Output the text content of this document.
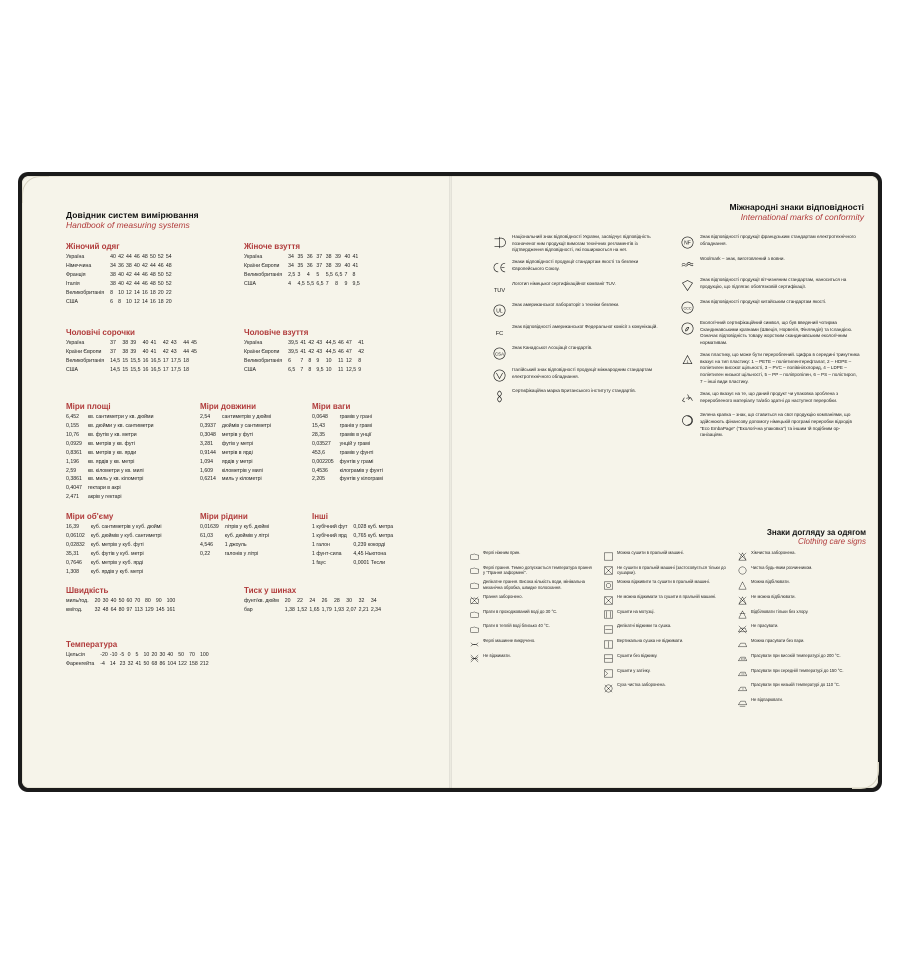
Довідник систем вимірювання
Handbook of measuring systems
Жіночий одяг
Україна	40	42	44	46	48	50	52	54
Німеччина	34	36	38	40	42	44	46	48
Франція	38	40	42	44	46	48	50	52
Італія	38	40	42	44	46	48	50	52
Великобританія	8	10	12	14	16	18	20	22
США	6	8	10	12	14	16	18	20
Жіноче взуття
Україна	34	35	36	37	38	39	40	41
Країни Європи	34	35	36	37	38	39	40	41
Великобританія	2,5	3	4	5	5,5	6,5	7	8
США	4	4,5	5,5	6,5	7	8	9	9,5
Чоловічі сорочки
Україна	37	38	39	40	41	42	43	44	45
Країни Європи	37	38	39	40	41	42	43	44	45
Великобританія	14,5	15	15,5	16	16,5	17	17,5	18	
США	14,5	15	15,5	16	16,5	17	17,5	18	
Чоловіче взуття
Україна	39,5	41	42	43	44,5	46	47	41
Країни Європи	39,5	41	42	43	44,5	46	47	42
Великобританія	6	7	8	9	10	11	12	8
США	6,5	7	8	9,5	10	11	12,5	9
Міри площі
6,452	кв. сантиметри у кв. дюйми
0,155	кв. дюйми у кв. сантиметри
10,76	кв. футів у кв. метри
0,0929	кв. метрів у кв. футі
0,8361	кв. метрів у кв. ярди
1,196	кв. ярдів у кв. метрі
2,59	кв. кілометри у кв. милі
0,3861	кв. миль у кв. кілометрі
0,4047	гектари в акрі
2,471	акрів у гектарі
Міри довжини
2,54	сантиметрів у дюймі
0,3937	дюймів у сантиметрі
0,3048	метрів у футі
3,281	футів у метрі
0,9144	метрів в ярді
1,094	ярдів у метрі
1,609	кілометрів у милі
0,6214	миль у кілометрі
Міри ваги
0,0648	грамів у грані
15,43	гранів у грамі
28,35	грамів в унції
0,03527	унцій у грамі
453,6	грамів у фунті
0,002205	фунтів у грамі
0,4536	кілограмів у фунті
2,205	фунтів у кілограмі
Міри об'єму
16,39	куб. сантиметрів у куб. дюймі
0,06102	куб. дюймів у куб. сантиметрі
0,02832	куб. метрів у куб. футі
35,31	куб. футів у куб. метрі
0,7646	куб. метрів у куб. ярді
1,308	куб. ярдів у куб. метрі
Міри рідини
0,01639	літрів у куб. дюймі
61,03	куб. дюймів у літрі
4,546	1 джоуль
0,22	галонів у літрі
Інші
1 кубічний фут	0,028 куб. метра
1 кубічний ярд	0,765 куб. метра
1 галон	0,239 кокорді
1 фунт-сила	4,45 Ньютона
1 fayc	0,0001 Тесли
Швидкість
миль/год.	20	30	40	50	60	70	80	90	100
км/год.	32	48	64	80	97	113	129	145	161
Тиск у шинах
фунт/кв. дюйм	20	22	24	26	28	30	32	34
бар	1,38	1,52	1,65	1,79	1,93	2,07	2,21	2,34
Температура
Цельсія	-20	-10	-5	0	5	10	20	30	40	50	70	100
Фаренгейта	-4	14	23	32	41	50	68	86	104	122	158	212
Міжнародні знаки відповідності
International marks of conformity
Національний знак відповідності України, засвідчує відповідність позначеної ним продукції вимогам технічних регламентів із підтвердження відповідності, які поширюються на неї.
Знаки відповідності продукції стандартам якості та безпеки Європейського Союзу.
TUV
Логотип німецької сертифікаційної компанії TUV.
UL
Знак американської лабораторії з техніки безпеки.
FC
Знак відповідності американської Федеральної комісії з комунікацій.
CSA
Знак Канадської Асоціації стандартів.
Італійський знак відповідності продукції міжнародним стандартам електротехнічного обладнання.
Сертифікаційна марка Британського інституту стандартів.
NF
Знак відповідності продукції французьким стандартам електротехнічного обладнання.
Woolmark – знак, виготовлений з вовни.
Знак відповідності продукції вітчизняним стандартам, наноситься на продукцію, що підлягає обов'язковій сертифікації.
CCC
Знак відповідності продукції китайським стандартам якості.
Екологічний сертифікаційний символ, що був введений чотирма Скандинавськими країнами (Швеція, Норвегія, Фінляндія) та Ісландією. Означає відповідність товару жорстким скандинавським екологічним нормативам.
1
Знак пластику, що може бути перероблений. Цифра в середині трикутника вказує на тип пластику: 1 – PETE – поліетилентерефталат, 2 – HDPE – поліетилен високої щільності, 3 – PVC – полівінілхлорид, 4 – LDPE – поліетилен низької щільності, 5 – PP – поліпропілен, 6 – PS – полістирол, 7 – інші види пластику.
Знак, що вказує на те, що даний продукт чи упаковка зроблена з переробленого матеріалу та/або здатні до наступної переробки.
Зелена крапка – знак, що ставиться на свої продукцію компаніями, що здійснюють фінансову допомогу німецькій програмі переробки відходів "Eco EmbaPage" ("Екологічна упаковка") та іншим їй подібним організаціям.
Знаки догляду за одягом
Clothing care signs
Ферлі ніжним прин.
Ферлі прання. Темно допускається температура прання у "Прання заформені".
Делікатне прання. Висока кількість води, мінімальна механічна обробка, швидке полоскання.
Прання заборонено.
Прати в проходжований воді до 30 °C.
Прати в теплій воді близько 40 °C.
Ферлі машинне викручено.
Не віджимати.
Можна сушити в пральній машині.
Не сушити в пральній машині (застосовується тільки до сушарки).
Можна відживити та сушити в пральній машині.
Не можна віджимати та сушити в пральній машині.
Сушити на мотузці.
Делікатні віджими та сушка.
Вертикальна сушка не віджимати.
Сушити без віджиму.
Сушити у затінку.
Суха чистка заборонена.
Хімчистка заборонена.
Чистка будь-яким розчинником.
Можна відбілювати.
Не можна відбілювати.
Відбілювати тільки без хлору.
Не прасувати.
Можна прасувати без пари.
Прасувати при високій температурі до 200 °C.
Прасувати при середній температурі до 150 °C.
Прасувати при низькій температурі до 110 °C.
Не відпарювати.
